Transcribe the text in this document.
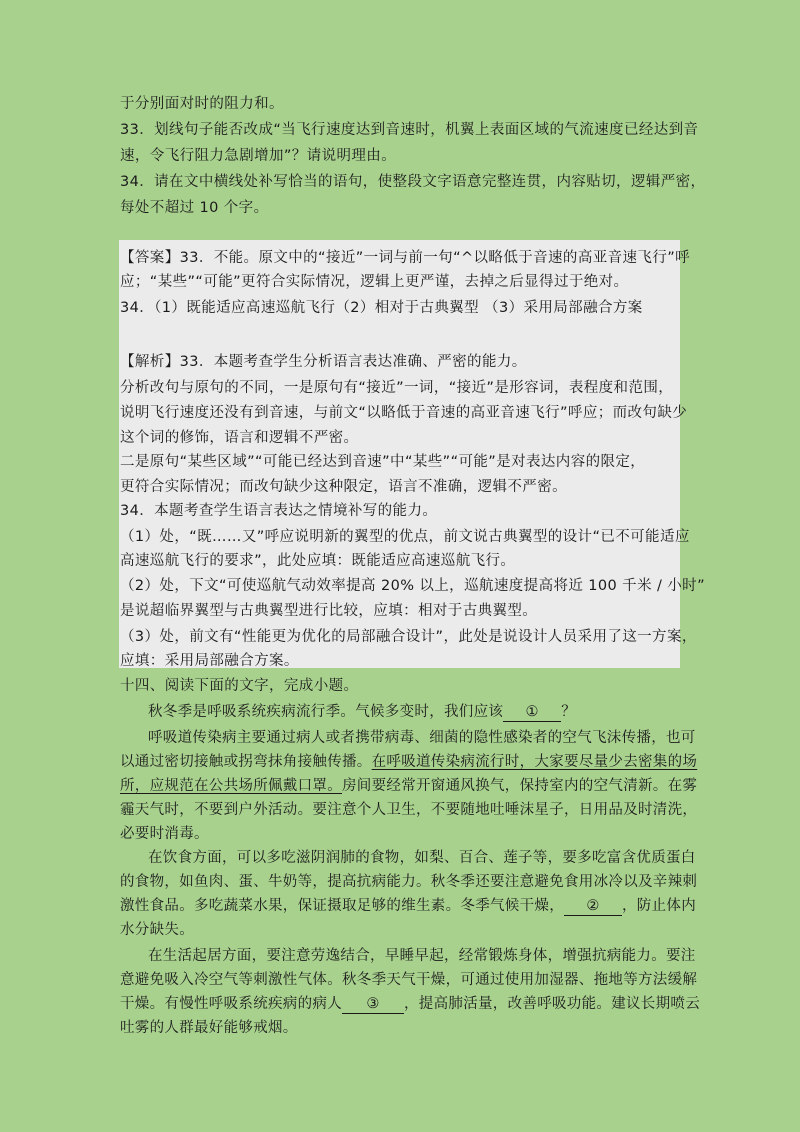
于分别面对时的阻力和。
33．划线句子能否改成“当飞行速度达到音速时，机翼上表面区域的气流速度已经达到音
速，令飞行阻力急剧增加”？请说明理由。
34．请在文中横线处补写恰当的语句，使整段文字语意完整连贯，内容贴切，逻辑严密，
每处不超过 10 个字。
【答案】33．不能。原文中的“接近”一词与前一句“^以略低于音速的高亚音速飞行”呼
应；“某些”“可能”更符合实际情况，逻辑上更严谨，去掉之后显得过于绝对。
34．（1）既能适应高速巡航飞行（2）相对于古典翼型 （3）采用局部融合方案
【解析】33．本题考查学生分析语言表达准确、严密的能力。
分析改句与原句的不同，一是原句有“接近”一词，“接近”是形容词，表程度和范围，
说明飞行速度还没有到音速，与前文“以略低于音速的高亚音速飞行”呼应；而改句缺少
这个词的修饰，语言和逻辑不严密。
二是原句“某些区域”“可能已经达到音速”中“某些”“可能”是对表达内容的限定，
更符合实际情况；而改句缺少这种限定，语言不准确，逻辑不严密。
34．本题考查学生语言表达之情境补写的能力。
（1）处，“既……又”呼应说明新的翼型的优点，前文说古典翼型的设计“已不可能适应
高速巡航飞行的要求”，此处应填：既能适应高速巡航飞行。
（2）处，下文“可使巡航气动效率提高 20% 以上，巡航速度提高将近 100 千米 / 小时”
是说超临界翼型与古典翼型进行比较，应填：相对于古典翼型。
（3）处，前文有“性能更为优化的局部融合设计”，此处是说设计人员采用了这一方案，
应填：采用局部融合方案。
十四、阅读下面的文字，完成小题。
秋冬季是呼吸系统疾病流行季。气候多变时，我们应该 ① ？
呼吸道传染病主要通过病人或者携带病毒、细菌的隐性感染者的空气飞沫传播，也可
以通过密切接触或拐弯抹角接触传播。在呼吸道传染病流行时，大家要尽量少去密集的场
所，应规范在公共场所佩戴口罩。房间要经常开窗通风换气，保持室内的空气清新。在雾
霾天气时，不要到户外活动。要注意个人卫生，不要随地吐唾沫星子，日用品及时清洗，
必要时消毒。
在饮食方面，可以多吃滋阴润肺的食物，如梨、百合、莲子等，要多吃富含优质蛋白
的食物，如鱼肉、蛋、牛奶等，提高抗病能力。秋冬季还要注意避免食用冰冷以及辛辣刺
激性食品。多吃蔬菜水果，保证摄取足够的维生素。冬季气候干燥， ② ，防止体内
水分缺失。
在生活起居方面，要注意劳逸结合，早睡早起，经常锻炼身体，增强抗病能力。要注
意避免吸入冷空气等刺激性气体。秋冬季天气干燥，可通过使用加湿器、拖地等方法缓解
干燥。有慢性呼吸系统疾病的病人 ③ ，提高肺活量，改善呼吸功能。建议长期喷云
吐雾的人群最好能够戒烟。
